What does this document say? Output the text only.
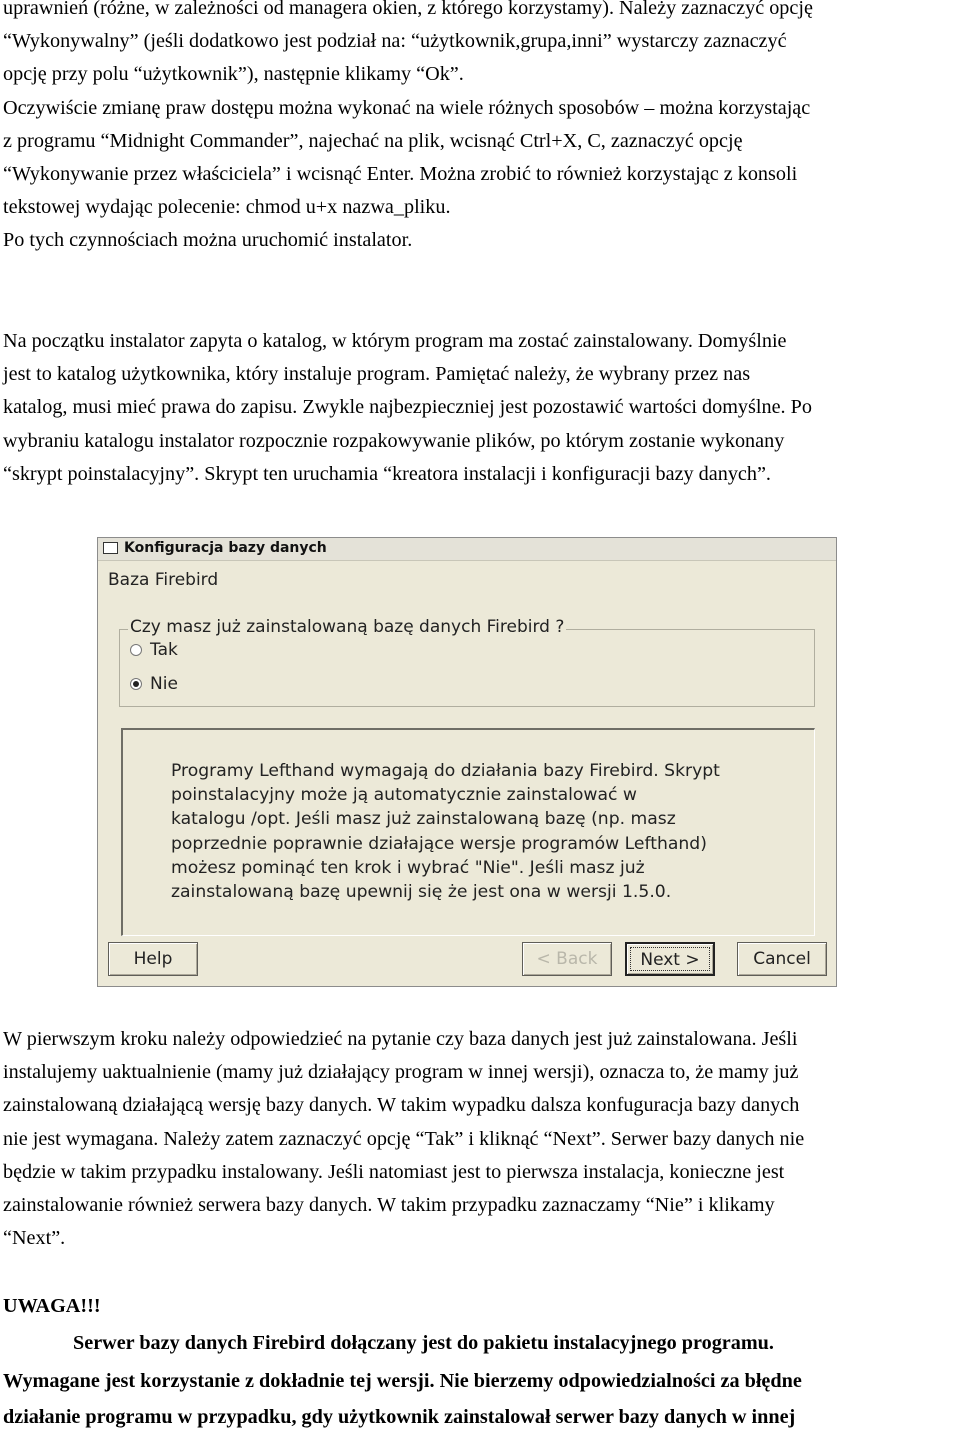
uprawnień (różne, w zależności od managera okien, z którego korzystamy). Należy zaznaczyć opcję
“Wykonywalny” (jeśli dodatkowo jest podział na: “użytkownik,grupa,inni” wystarczy zaznaczyć
opcję przy polu “użytkownik”), następnie klikamy “Ok”.
Oczywiście zmianę praw dostępu można wykonać na wiele różnych sposobów – można korzystając
z programu “Midnight Commander”, najechać na plik, wcisnąć Ctrl+X, C, zaznaczyć opcję
“Wykonywanie przez właściciela” i wcisnąć Enter. Można zrobić to również korzystając z konsoli
tekstowej wydając polecenie: chmod u+x nazwa_pliku.
Po tych czynnościach można uruchomić instalator.
Na początku instalator zapyta o katalog, w którym program ma zostać zainstalowany. Domyślnie
jest to katalog użytkownika, który instaluje program. Pamiętać należy, że wybrany przez nas
katalog, musi mieć prawa do zapisu. Zwykle najbezpieczniej jest pozostawić wartości domyślne. Po
wybraniu katalogu instalator rozpocznie rozpakowywanie plików, po którym zostanie wykonany
“skrypt poinstalacyjny”. Skrypt ten uruchamia “kreatora instalacji i konfiguracji bazy danych”.
Konfiguracja bazy danych
Baza Firebird
Czy masz już zainstalowaną bazę danych Firebird ?
Tak
Nie
Programy Lefthand wymagają do działania bazy Firebird. Skrypt
poinstalacyjny może ją automatycznie zainstalować w
katalogu /opt. Jeśli masz już zainstalowaną bazę (np. masz
poprzednie poprawnie działające wersje programów Lefthand)
możesz pominąć ten krok i wybrać "Nie". Jeśli masz już
zainstalowaną bazę upewnij się że jest ona w wersji 1.5.0.
Help	< Back	Next >	Cancel
W pierwszym kroku należy odpowiedzieć na pytanie czy baza danych jest już zainstalowana. Jeśli
instalujemy uaktualnienie (mamy już działający program w innej wersji), oznacza to, że mamy już
zainstalowaną działającą wersję bazy danych. W takim wypadku dalsza konfuguracja bazy danych
nie jest wymagana. Należy zatem zaznaczyć opcję “Tak” i kliknąć “Next”. Serwer bazy danych nie
będzie w takim przypadku instalowany. Jeśli natomiast jest to pierwsza instalacja, konieczne jest
zainstalowanie również serwera bazy danych. W takim przypadku zaznaczamy “Nie” i klikamy
“Next”.
UWAGA!!!
Serwer bazy danych Firebird dołączany jest do pakietu instalacyjnego programu.
Wymagane jest korzystanie z dokładnie tej wersji. Nie bierzemy odpowiedzialności za błędne
działanie programu w przypadku, gdy użytkownik zainstalował serwer bazy danych w innej
